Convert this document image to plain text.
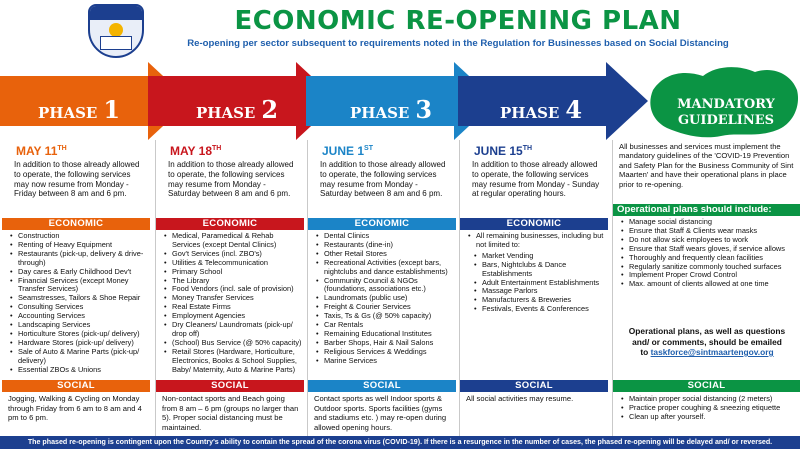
ECONOMIC RE-OPENING PLAN
Re-opening per sector subsequent to requirements noted in the Regulation for Businesses based on Social Distancing
PHASE 1	PHASE 2	PHASE 3	PHASE 4	MANDATORY
GUIDELINES
MAY 11TH
In addition to those already allowed to operate, the following services may now resume from Monday - Friday between 8 am and 6 pm.
ECONOMIC
• Construction
• Renting of Heavy Equipment
• Restaurants (pick-up, delivery & drive-through)
• Day cares & Early Childhood Dev't
• Financial Services (except Money Transfer Services)
• Seamstresses, Tailors & Shoe Repair
• Consulting Services
• Accounting Services
• Landscaping Services
• Horticulture Stores (pick-up/ delivery)
• Hardware Stores (pick-up/ delivery)
• Sale of Auto & Marine Parts (pick-up/ delivery)
• Essential ZBOs & Unions
SOCIAL
Jogging, Walking & Cycling on Monday through Friday from 6 am to 8 am and 4 pm to 6 pm.
MAY 18TH
In addition to those already allowed to operate, the following services may resume from Monday - Saturday between 8 am and 6 pm.
ECONOMIC
• Medical, Paramedical & Rehab Services (except Dental Clinics)
• Gov't Services (incl. ZBO's)
• Utilities & Telecommunication
• Primary School
• The Library
• Food Vendors (incl. sale of provision)
• Money Transfer Services
• Real Estate Firms
• Employment Agencies
• Dry Cleaners/ Laundromats (pick-up/ drop off)
• (School) Bus Service (@ 50% capacity)
• Retail Stores (Hardware, Horticulture, Electronics, Books & School Supplies, Baby/ Maternity, Auto & Marine Parts)
SOCIAL
Non-contact sports and Beach going from 8 am – 6 pm (groups no larger than 5). Proper social distancing must be maintained.
JUNE 1ST
In addition to those already allowed to operate, the following services may resume from Monday - Saturday between 8 am and 6 pm.
ECONOMIC
• Dental Clinics
• Restaurants (dine-in)
• Other Retail Stores
• Recreational Activities (except bars, nightclubs and dance establishments)
• Community Council & NGOs (foundations, associations etc.)
• Laundromats (public use)
• Freight & Courier Services
• Taxis, Ts & Gs (@ 50% capacity)
• Car Rentals
• Remaining Educational Institutes
• Barber Shops, Hair & Nail Salons
• Religious Services & Weddings
• Marine Services
SOCIAL
Contact sports as well Indoor sports & Outdoor sports. Sports facilities (gyms and stadiums etc. ) may re-open during allowed opening hours.
JUNE 15TH
In addition to those already allowed to operate, the following services may resume from Monday - Sunday at regular operating hours.
ECONOMIC
• All remaining businesses, including but not limited to:
• Market Vending
• Bars, Nightclubs & Dance Establishments
• Adult Entertainment Establishments
• Massage Parlors
• Manufacturers & Breweries
• Festivals, Events & Conferences
SOCIAL
All social activities may resume.
All businesses and services must implement the mandatory guidelines of the 'COVID-19 Prevention and Safety Plan for the Business Community of Sint Maarten' and have their operational plans in place prior to re-opening.
Operational plans should include:
• Manage social distancing
• Ensure that Staff & Clients wear masks
• Do not allow sick employees to work
• Ensure that Staff wears gloves, if service allows
• Thoroughly and frequently clean facilities
• Regularly sanitize commonly touched surfaces
• Implement Proper Crowd Control
• Max. amount of clients allowed at one time
Operational plans, as well as questions and/ or comments, should be emailed to taskforce@sintmaartengov.org
SOCIAL
• Maintain proper social distancing (2 meters)
• Practice proper coughing & sneezing etiquette
• Clean up after yourself.
The phased re-opening is contingent upon the Country's ability to contain the spread of the corona virus (COVID-19). If there is a resurgence in the number of cases, the phased re-opening will be delayed and/ or reversed.
